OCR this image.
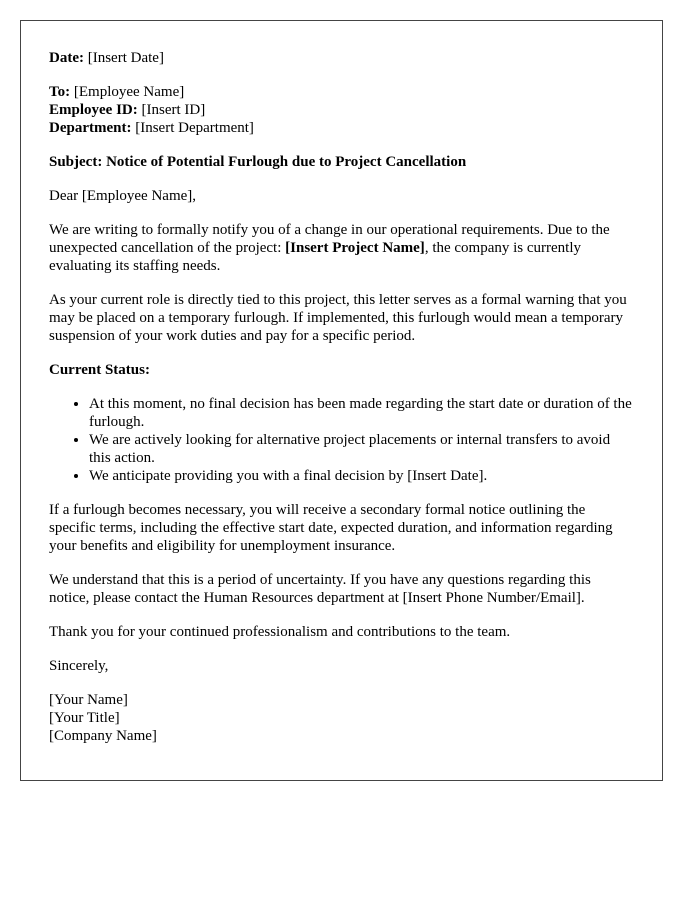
Date: [Insert Date]

To: [Employee Name]
Employee ID: [Insert ID]
Department: [Insert Department]

Subject: Notice of Potential Furlough due to Project Cancellation

Dear [Employee Name],

We are writing to formally notify you of a change in our operational requirements. Due to the unexpected cancellation of the project: [Insert Project Name], the company is currently evaluating its staffing needs.

As your current role is directly tied to this project, this letter serves as a formal warning that you may be placed on a temporary furlough. If implemented, this furlough would mean a temporary suspension of your work duties and pay for a specific period.

Current Status:

• At this moment, no final decision has been made regarding the start date or duration of the furlough.
• We are actively looking for alternative project placements or internal transfers to avoid this action.
• We anticipate providing you with a final decision by [Insert Date].

If a furlough becomes necessary, you will receive a secondary formal notice outlining the specific terms, including the effective start date, expected duration, and information regarding your benefits and eligibility for unemployment insurance.

We understand that this is a period of uncertainty. If you have any questions regarding this notice, please contact the Human Resources department at [Insert Phone Number/Email].

Thank you for your continued professionalism and contributions to the team.

Sincerely,

[Your Name]
[Your Title]
[Company Name]
